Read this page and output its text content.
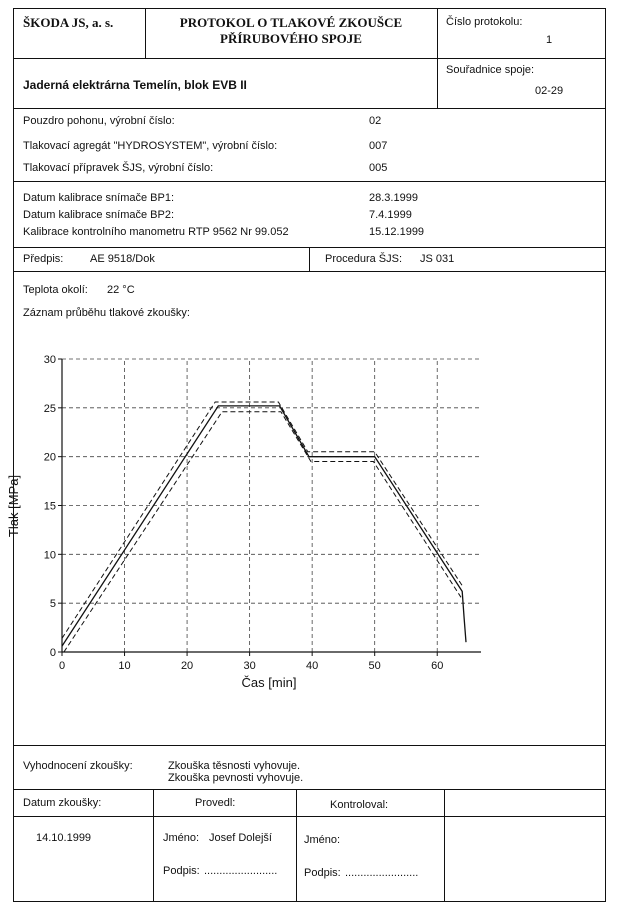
ŠKODA JS, a. s.	PROTOKOL O TLAKOVÉ ZKOUŠCE
PŘÍRUBOVÉHO SPOJE
Číslo protokolu:
1
Jaderná elektrárna Temelín, blok EVB II
Souřadnice spoje:
02-29
Pouzdro pohonu, výrobní číslo:	02
Tlakovací agregát "HYDROSYSTEM", výrobní číslo:	007
Tlakovací přípravek ŠJS, výrobní číslo:	005
Datum kalibrace snímače BP1:	28.3.1999
Datum kalibrace snímače BP2:	7.4.1999
Kalibrace kontrolního manometru RTP 9562 Nr 99.052	15.12.1999
Předpis: AE 9518/Dok	Procedura ŠJS: JS 031
Teplota okolí: 22 °C
Záznam průběhu tlakové zkoušky:
0
5
10
15
20
25
30
0	10	20	30	40	50	60
Čas [min]
Tlak [MPa]
Vyhodnocení zkoušky:	Zkouška těsnosti vyhovuje.
Zkouška pevnosti vyhovuje.
Datum zkoušky:	Provedl:	Kontroloval:
14.10.1999	Jméno: Josef Dolejší	Jméno:
Podpis: ........................ Podpis: ........................
